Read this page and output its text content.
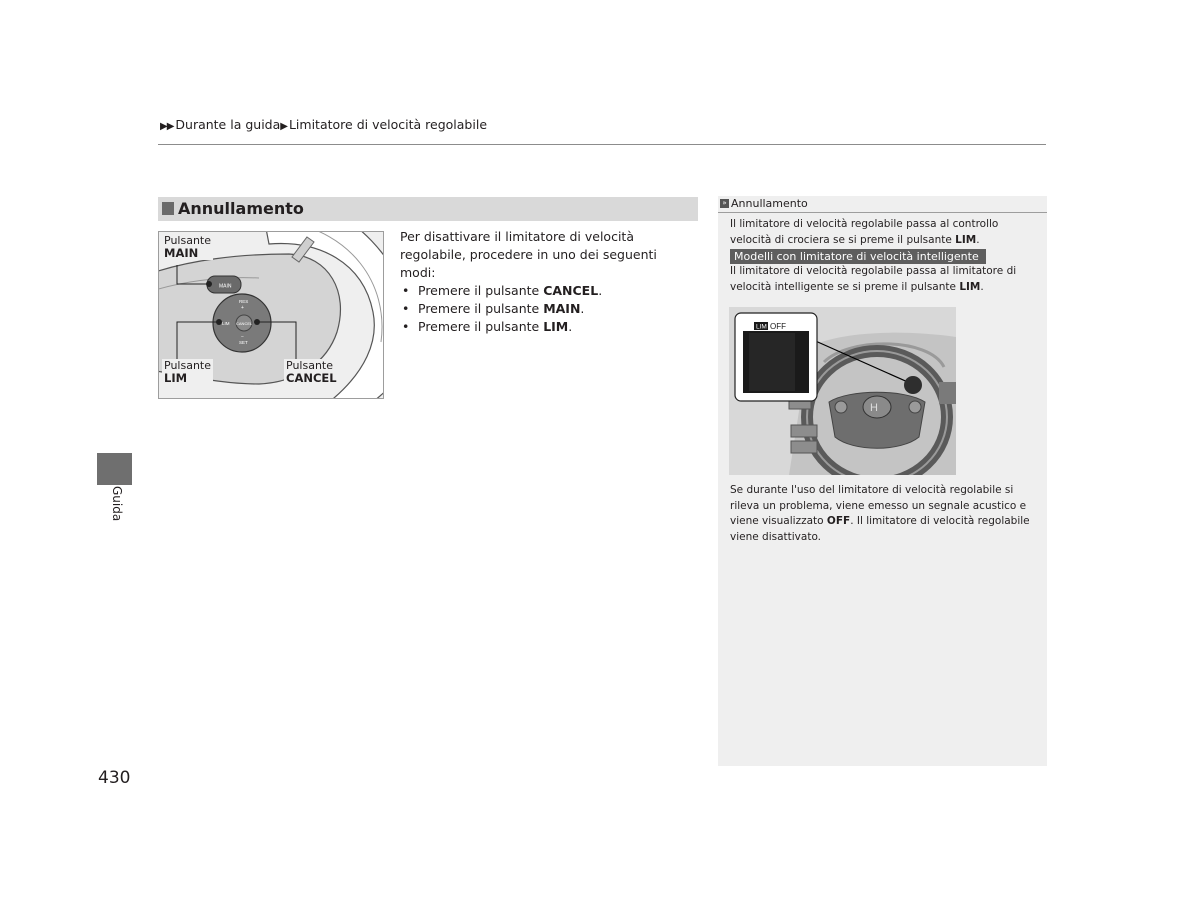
▶▶ Durante la guida▶ Limitatore di velocità regolabile
Annullamento
MAIN
RES
+
LIM CANCEL
−
SET
Pulsante
MAIN
Pulsante
LIM
Pulsante
CANCEL
Per disattivare il limitatore di velocità regolabile, procedere in uno dei seguenti modi:
• Premere il pulsante CANCEL.
• Premere il pulsante MAIN.
• Premere il pulsante LIM.
» Annullamento
Il limitatore di velocità regolabile passa al controllo velocità di crociera se si preme il pulsante LIM.
Modelli con limitatore di velocità intelligente
Il limitatore di velocità regolabile passa al limitatore di velocità intelligente se si preme il pulsante LIM.
H
LIM OFF
Se durante l'uso del limitatore di velocità regolabile si rileva un problema, viene emesso un segnale acustico e viene visualizzato OFF. Il limitatore di velocità regolabile viene disattivato.
Guida
430
